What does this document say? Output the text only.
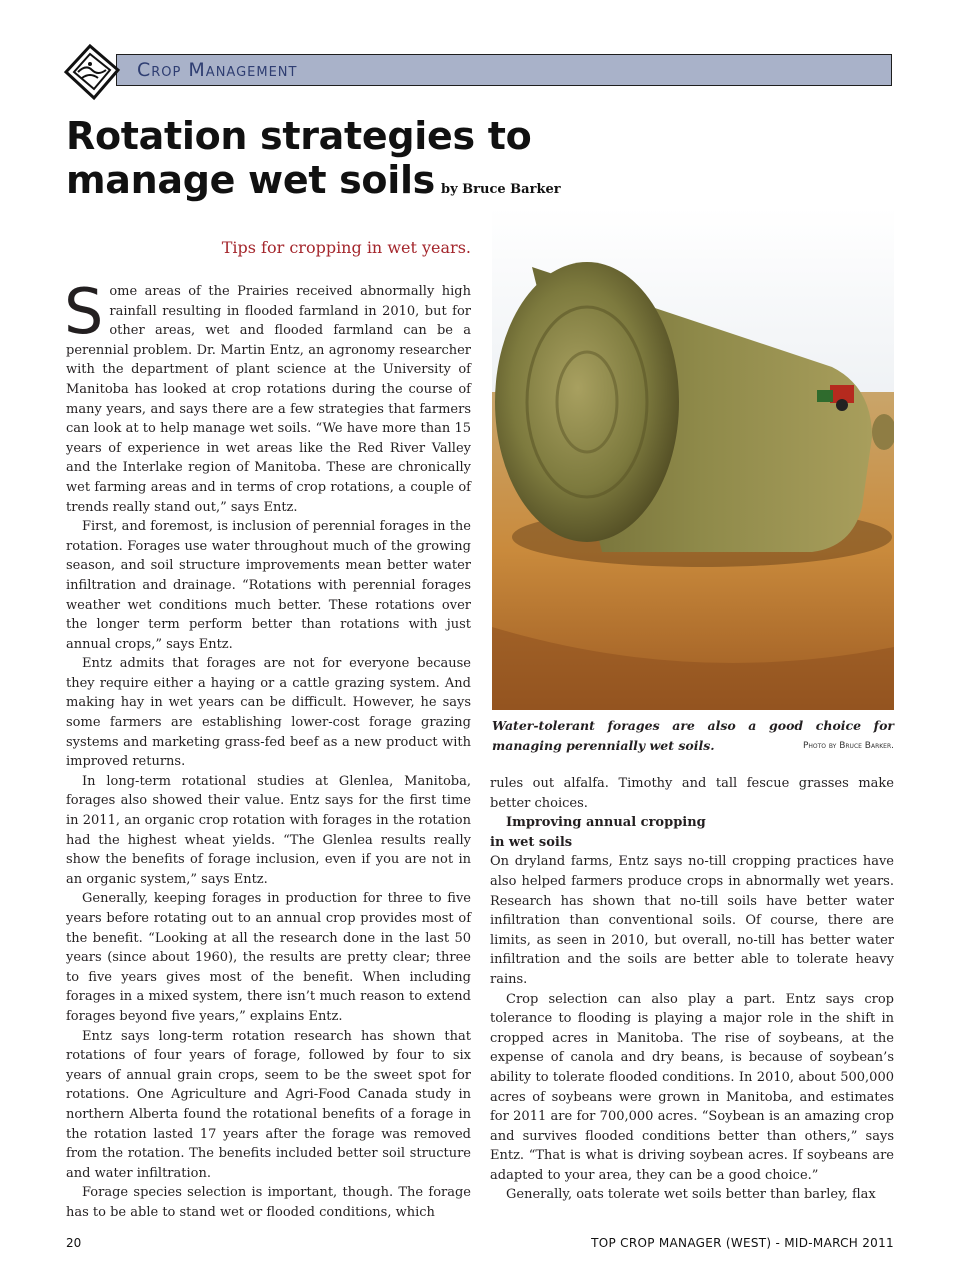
Crop Management
Rotation strategies to
manage wet soils by Bruce Barker
Tips for cropping in wet years.

Some areas of the Prairies received abnormally high rainfall resulting in flooded farmland in 2010, but for other areas, wet and flooded farmland can be a perennial problem. Dr. Martin Entz, an agronomy researcher with the department of plant science at the University of Manitoba has looked at crop rotations during the course of many years, and says there are a few strategies that farmers can look at to help manage wet soils. “We have more than 15 years of experience in wet areas like the Red River Valley and the Interlake region of Manitoba. These are chronically wet farming areas and in terms of crop rotations, a couple of trends really stand out,” says Entz.

First, and foremost, is inclusion of perennial forages in the rotation. Forages use water throughout much of the growing season, and soil structure improvements mean better water infiltration and drainage. “Rotations with perennial forages weather wet conditions much better. These rotations over the longer term perform better than rotations with just annual crops,” says Entz.

Entz admits that forages are not for everyone because they require either a haying or a cattle grazing system. And making hay in wet years can be difficult. However, he says some farmers are establishing lower-cost forage grazing systems and marketing grass-fed beef as a new product with improved returns.

In long-term rotational studies at Glenlea, Manitoba, forages also showed their value. Entz says for the first time in 2011, an organic crop rotation with forages in the rotation had the highest wheat yields. “The Glenlea results really show the benefits of forage inclusion, even if you are not in an organic system,” says Entz.

Generally, keeping forages in production for three to five years before rotating out to an annual crop provides most of the benefit. “Looking at all the research done in the last 50 years (since about 1960), the results are pretty clear; three to five years gives most of the benefit. When including forages in a mixed system, there isn’t much reason to extend forages beyond five years,” explains Entz.

Entz says long-term rotation research has shown that rotations of four years of forage, followed by four to six years of annual grain crops, seem to be the sweet spot for rotations. One Agriculture and Agri-Food Canada study in northern Alberta found the rotational benefits of a forage in the rotation lasted 17 years after the forage was removed from the rotation. The benefits included better soil structure and water infiltration.

Forage species selection is important, though. The forage has to be able to stand wet or flooded conditions, which

Water-tolerant forages are also a good choice for managing perennially wet soils.	Photo by Bruce Barker.

rules out alfalfa. Timothy and tall fescue grasses make better choices.

Improving annual cropping
in wet soils

On dryland farms, Entz says no-till cropping practices have also helped farmers produce crops in abnormally wet years. Research has shown that no-till soils have better water infiltration than conventional soils. Of course, there are limits, as seen in 2010, but overall, no-till has better water infiltration and the soils are better able to tolerate heavy rains.

Crop selection can also play a part. Entz says crop tolerance to flooding is playing a major role in the shift in cropped acres in Manitoba. The rise of soybeans, at the expense of canola and dry beans, is because of soybean’s ability to tolerate flooded conditions. In 2010, about 500,000 acres of soybeans were grown in Manitoba, and estimates for 2011 are for 700,000 acres. “Soybean is an amazing crop and survives flooded conditions better than others,” says Entz. “That is what is driving soybean acres. If soybeans are adapted to your area, they can be a good choice.”

Generally, oats tolerate wet soils better than barley, flax

20	TOP CROP MANAGER (WEST) - MID-MARCH 2011
